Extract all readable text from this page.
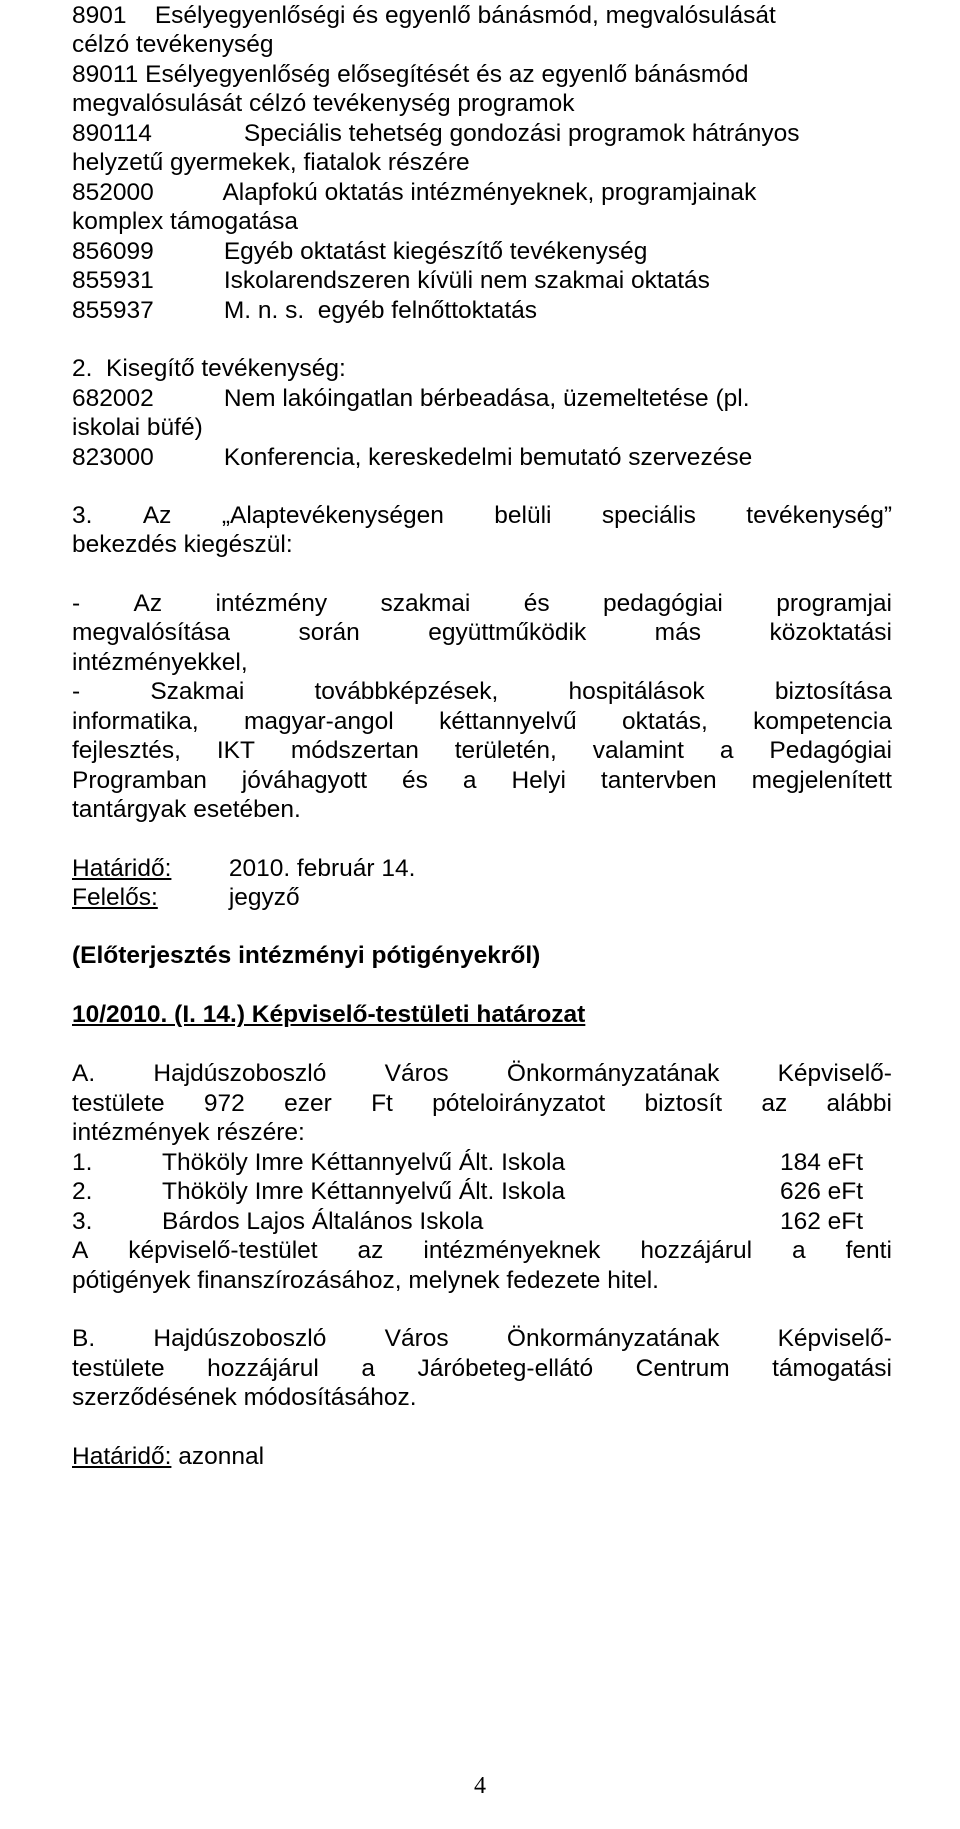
8901 Esélyegyenlőségi és egyenlő bánásmód, megvalósulását
célzó tevékenység
89011 Esélyegyenlőség elősegítését és az egyenlő bánásmód
megvalósulását célzó tevékenység programok
890114	Speciális tehetség gondozási programok hátrányos
helyzetű gyermekek, fiatalok részére
852000	Alapfokú oktatás intézményeknek, programjainak
komplex támogatása
856099	Egyéb oktatást kiegészítő tevékenység
855931	Iskolarendszeren kívüli nem szakmai oktatás
855937	M. n. s.  egyéb felnőttoktatás
2.  Kisegítő tevékenység:
682002	Nem lakóingatlan bérbeadása, üzemeltetése (pl.
iskolai büfé)
823000	Konferencia, kereskedelmi bemutató szervezése
3. Az „Alaptevékenységen belüli speciális tevékenység”
bekezdés kiegészül:
- Az intézmény szakmai és pedagógiai programjai
megvalósítása	során	együttműködik	más	közoktatási
intézményekkel,
-	Szakmai	továbbképzések,	hospitálások	biztosítása
informatika, magyar-angol kéttannyelvű oktatás, kompetencia
fejlesztés, IKT módszertan területén, valamint a Pedagógiai
Programban jóváhagyott és a Helyi tantervben megjelenített
tantárgyak esetében.
Határidő: 2010. február 14.
Felelős:	jegyző
(Előterjesztés intézményi pótigényekről)
10/2010. (I. 14.) Képviselő-testületi határozat
A. Hajdúszoboszló Város Önkormányzatának Képviselő-
testülete 972 ezer Ft póteloirányzatot biztosít az alábbi
intézmények részére:
1.	Thököly Imre Kéttannyelvű Ált. Iskola	184 eFt
2.	Thököly Imre Kéttannyelvű Ált. Iskola	626 eFt
3.	Bárdos Lajos Általános Iskola	162 eFt
A képviselő-testület az intézményeknek hozzájárul a fenti
pótigények finanszírozásához, melynek fedezete hitel.
B. Hajdúszoboszló Város Önkormányzatának Képviselő-
testülete hozzájárul a Járóbeteg-ellátó Centrum támogatási
szerződésének módosításához.
Határidő: azonnal
4
